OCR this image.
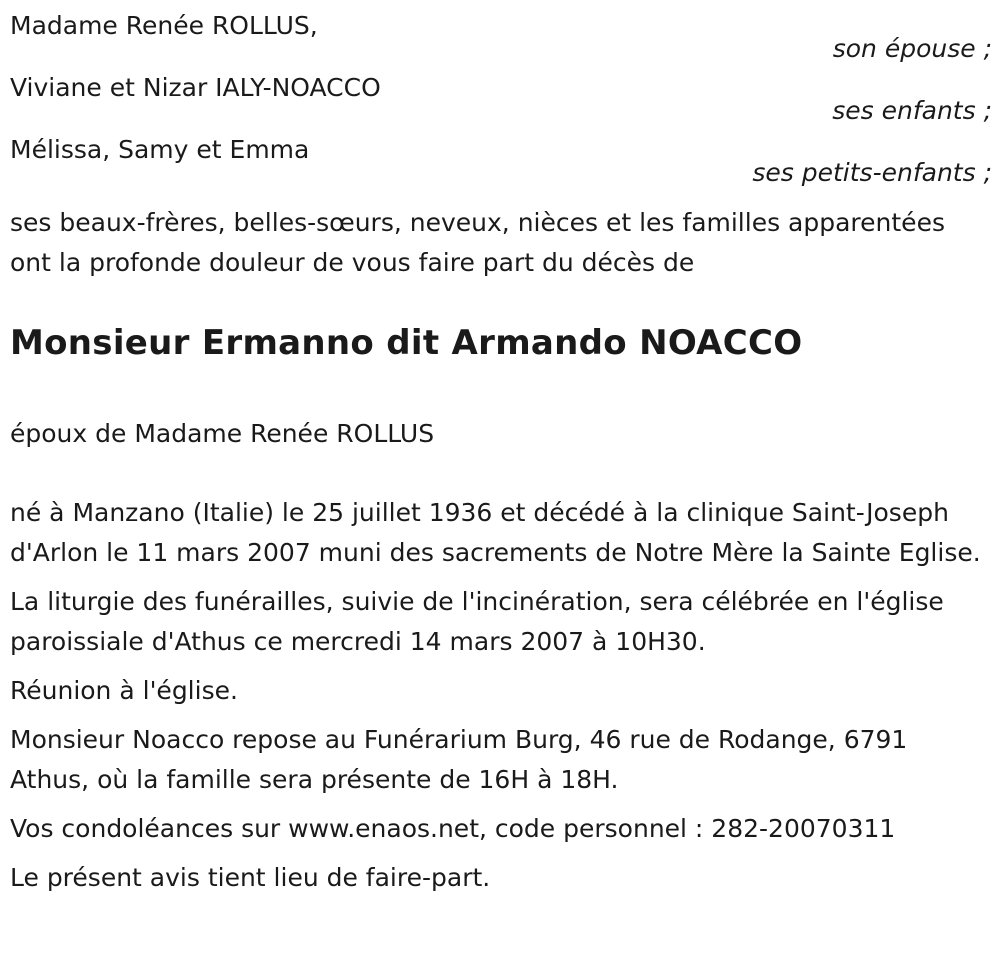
Madame Renée ROLLUS,
son épouse ;
Viviane et Nizar IALY-NOACCO
ses enfants ;
Mélissa, Samy et Emma
ses petits-enfants ;
ses beaux-frères, belles-sœurs, neveux, nièces et les familles apparentées ont la profonde douleur de vous faire part du décès de
Monsieur Ermanno dit Armando NOACCO
époux de Madame Renée ROLLUS
né à Manzano (Italie) le 25 juillet 1936 et décédé à la clinique Saint-Joseph d'Arlon le 11 mars 2007 muni des sacrements de Notre Mère la Sainte Eglise.
La liturgie des funérailles, suivie de l'incinération, sera célébrée en l'église paroissiale d'Athus ce mercredi 14 mars 2007 à 10H30.
Réunion à l'église.
Monsieur Noacco repose au Funérarium Burg, 46 rue de Rodange, 6791 Athus, où la famille sera présente de 16H à 18H.
Vos condoléances sur www.enaos.net, code personnel : 282-20070311
Le présent avis tient lieu de faire-part.
